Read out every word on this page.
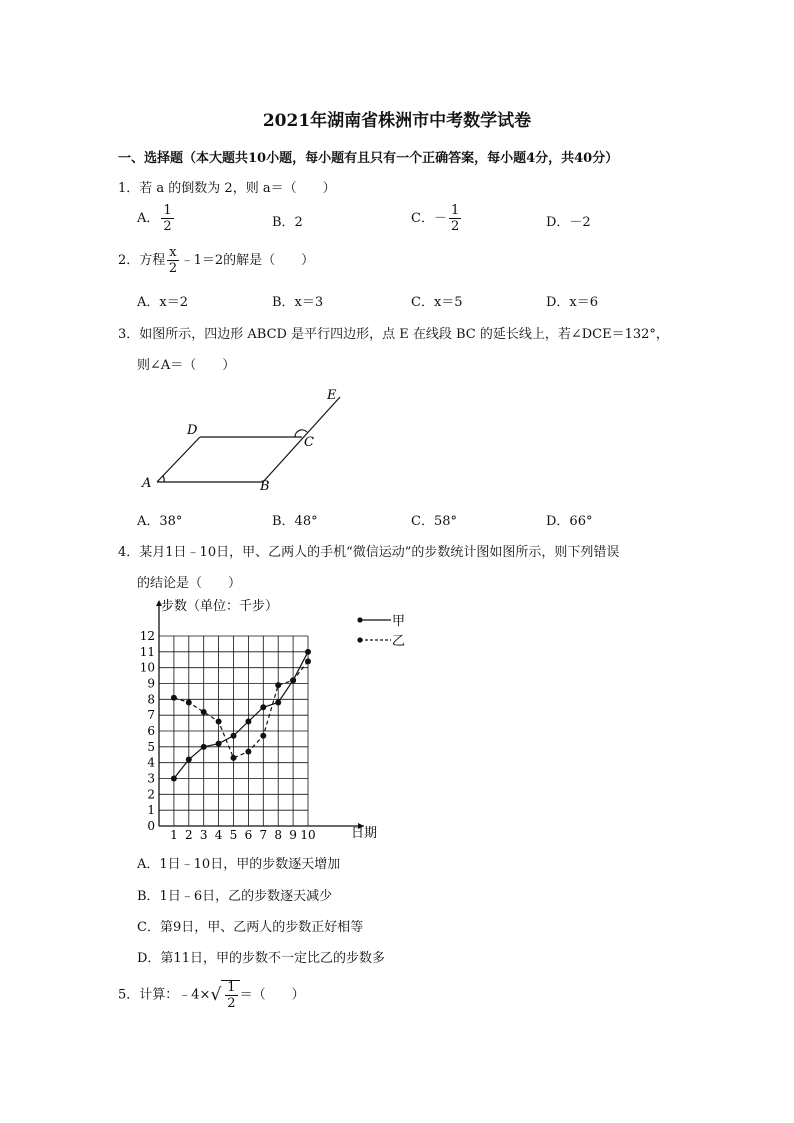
2021年湖南省株洲市中考数学试卷
一、选择题（本大题共10小题，每小题有且只有一个正确答案，每小题4分，共40分）
1．若 a 的倒数为 2，则 a＝（　　）
A． $\frac{1}{2}$	B．2	C．－ $\frac{1}{2}$	D．－2
2．方程 $\frac{x}{2}$ ﹣1＝2的解是（　　）
A．x＝2	B．x＝3	C．x＝5	D．x＝6
3．如图所示，四边形 ABCD 是平行四边形，点 E 在线段 BC 的延长线上，若∠DCE＝132°，
则∠A＝（　　）
A	B
C
D
E
A．38°	B．48°	C．58°	D．66°
4．某月1日﹣10日，甲、乙两人的手机“微信运动”的步数统计图如图所示，则下列错误
的结论是（　　）
0
1
2
3
4
5
6
7
8
9
10
11
12
1 2 3 4 5 6 7 8 9 10
步数（单位：千步）
日期
甲
乙
A．1日﹣10日，甲的步数逐天增加
B．1日﹣6日，乙的步数逐天减少
C．第9日，甲、乙两人的步数正好相等
D．第11日，甲的步数不一定比乙的步数多
5．计算：﹣4×√ $\frac{1}{2}$ ＝（　　）
